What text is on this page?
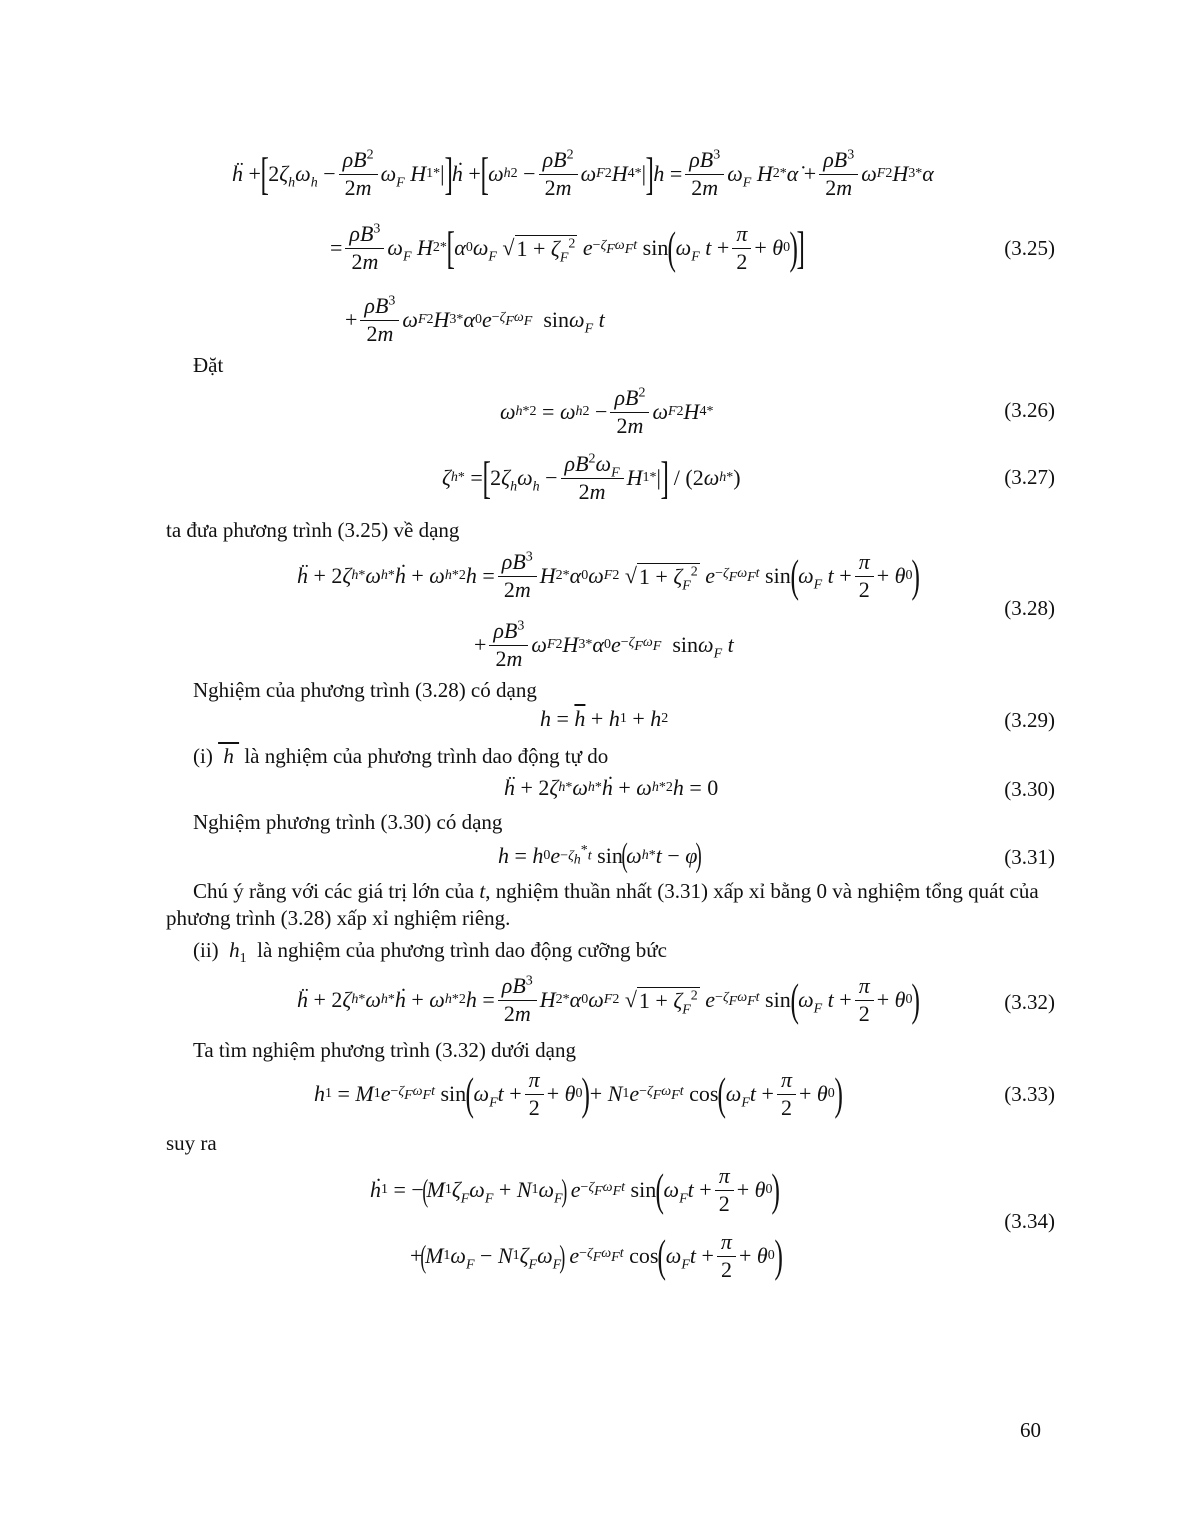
ḧ + [ 2 $\zeta_h\omega_h - \frac{\rho B^2}{2m} \omega_F$ H 1 * | ] ḣ + [ ω h $2 - \frac{\rho B^2}{2m}$ ω F 2 H 4 * | ] $h = \frac{\rho B^3}{2m} \omega_F$ H 2 * α̇ + $\frac{\rho B^3}{2m}$ ω F 2 H 3 * α
= $\frac{\rho B^3}{2m} \omega_F$ H 2 * [ α 0 $\omega_F$ √ $1 + \zeta_F^2$
$e -\zeta_F\omega_Ft$ sin ( $\omega_F$ $t + \frac{\pi}{2} + \theta$ 0 )
]	(3.25)
+ $\frac{\rho B^3}{2m}$ ω F 2 H 3 * α 0 $e -\zeta_F\omega_F$ $\sin \omega_F$ t
Đặt
ω h *2 = ω h $2 - \frac{\rho B^2}{2m}$ ω F 2 H 4 *	(3.26)
ζ h * = [ 2 $\zeta_h\omega_h - \frac{\rho B^2\omega_F}{2m}$ H 1 * | ] / (2 ω h * )	(3.27)
ta đưa phương trình (3.25) về dạng
ḧ + 2 ζ h * ω h * ḣ + ω h *2 $h = \frac{\rho B^3}{2m}$ H 2 * α 0 ω F 2 √ $1 + \zeta_F^2$
$e -\zeta_F\omega_Ft$ sin ( $\omega_F$ $t + \frac{\pi}{2} + \theta$ 0 )
(3.28)
+ $\frac{\rho B^3}{2m}$ ω F 2 H 3 * α 0 $e -\zeta_F\omega_F$ $\sin \omega_F$ t
Nghiệm của phương trình (3.28) có dạng
$h = \overline{h} + h$ 1 + h 2	(3.29)
(i)  h  là nghiệm của phương trình dao động tự do
ḧ + 2 ζ h * ω h * ḣ + ω h *2 h = 0	(3.30)
Nghiệm phương trình (3.30) có dạng
h = h 0 $e -\zeta_h^*t$ sin
(
ω h * t − φ
)	(3.31)
Chú ý rằng với các giá trị lớn của t, nghiệm thuần nhất (3.31) xấp xỉ bằng 0 và nghiệm tổng quát của phương trình (3.28) xấp xỉ nghiệm riêng.
(ii) $h_1$ là nghiệm của phương trình dao động cưỡng bức
ḧ + 2 ζ h * ω h * ḣ + ω h *2 $h = \frac{\rho B^3}{2m}$ H 2 * α 0 ω F 2 √ $1 + \zeta_F^2$
$e -\zeta_F\omega_Ft$ sin ( $\omega_F$ $t + \frac{\pi}{2} + \theta$ 0 )	(3.32)
Ta tìm nghiệm phương trình (3.32) dưới dạng
h 1 = M 1 $e -\zeta_F\omega_Ft$ sin ( $\omega_Ft + \frac{\pi}{2} + \theta$ 0 ) + N 1 $e -\zeta_F\omega_Ft$ cos ( $\omega_Ft + \frac{\pi}{2} + \theta$ 0 )	(3.33)
suy ra
ḣ 1 = −
(
M 1 $\zeta_F\omega_F + N$ 1 $\omega_F$
)
$e -\zeta_F\omega_Ft$ sin ( $\omega_Ft + \frac{\pi}{2} + \theta$ 0 )
(3.34)
+
(
M 1 $\omega_F - N$ 1 $\zeta_F\omega_F$
)
$e -\zeta_F\omega_Ft$ cos ( $\omega_Ft + \frac{\pi}{2} + \theta$ 0 )
60
